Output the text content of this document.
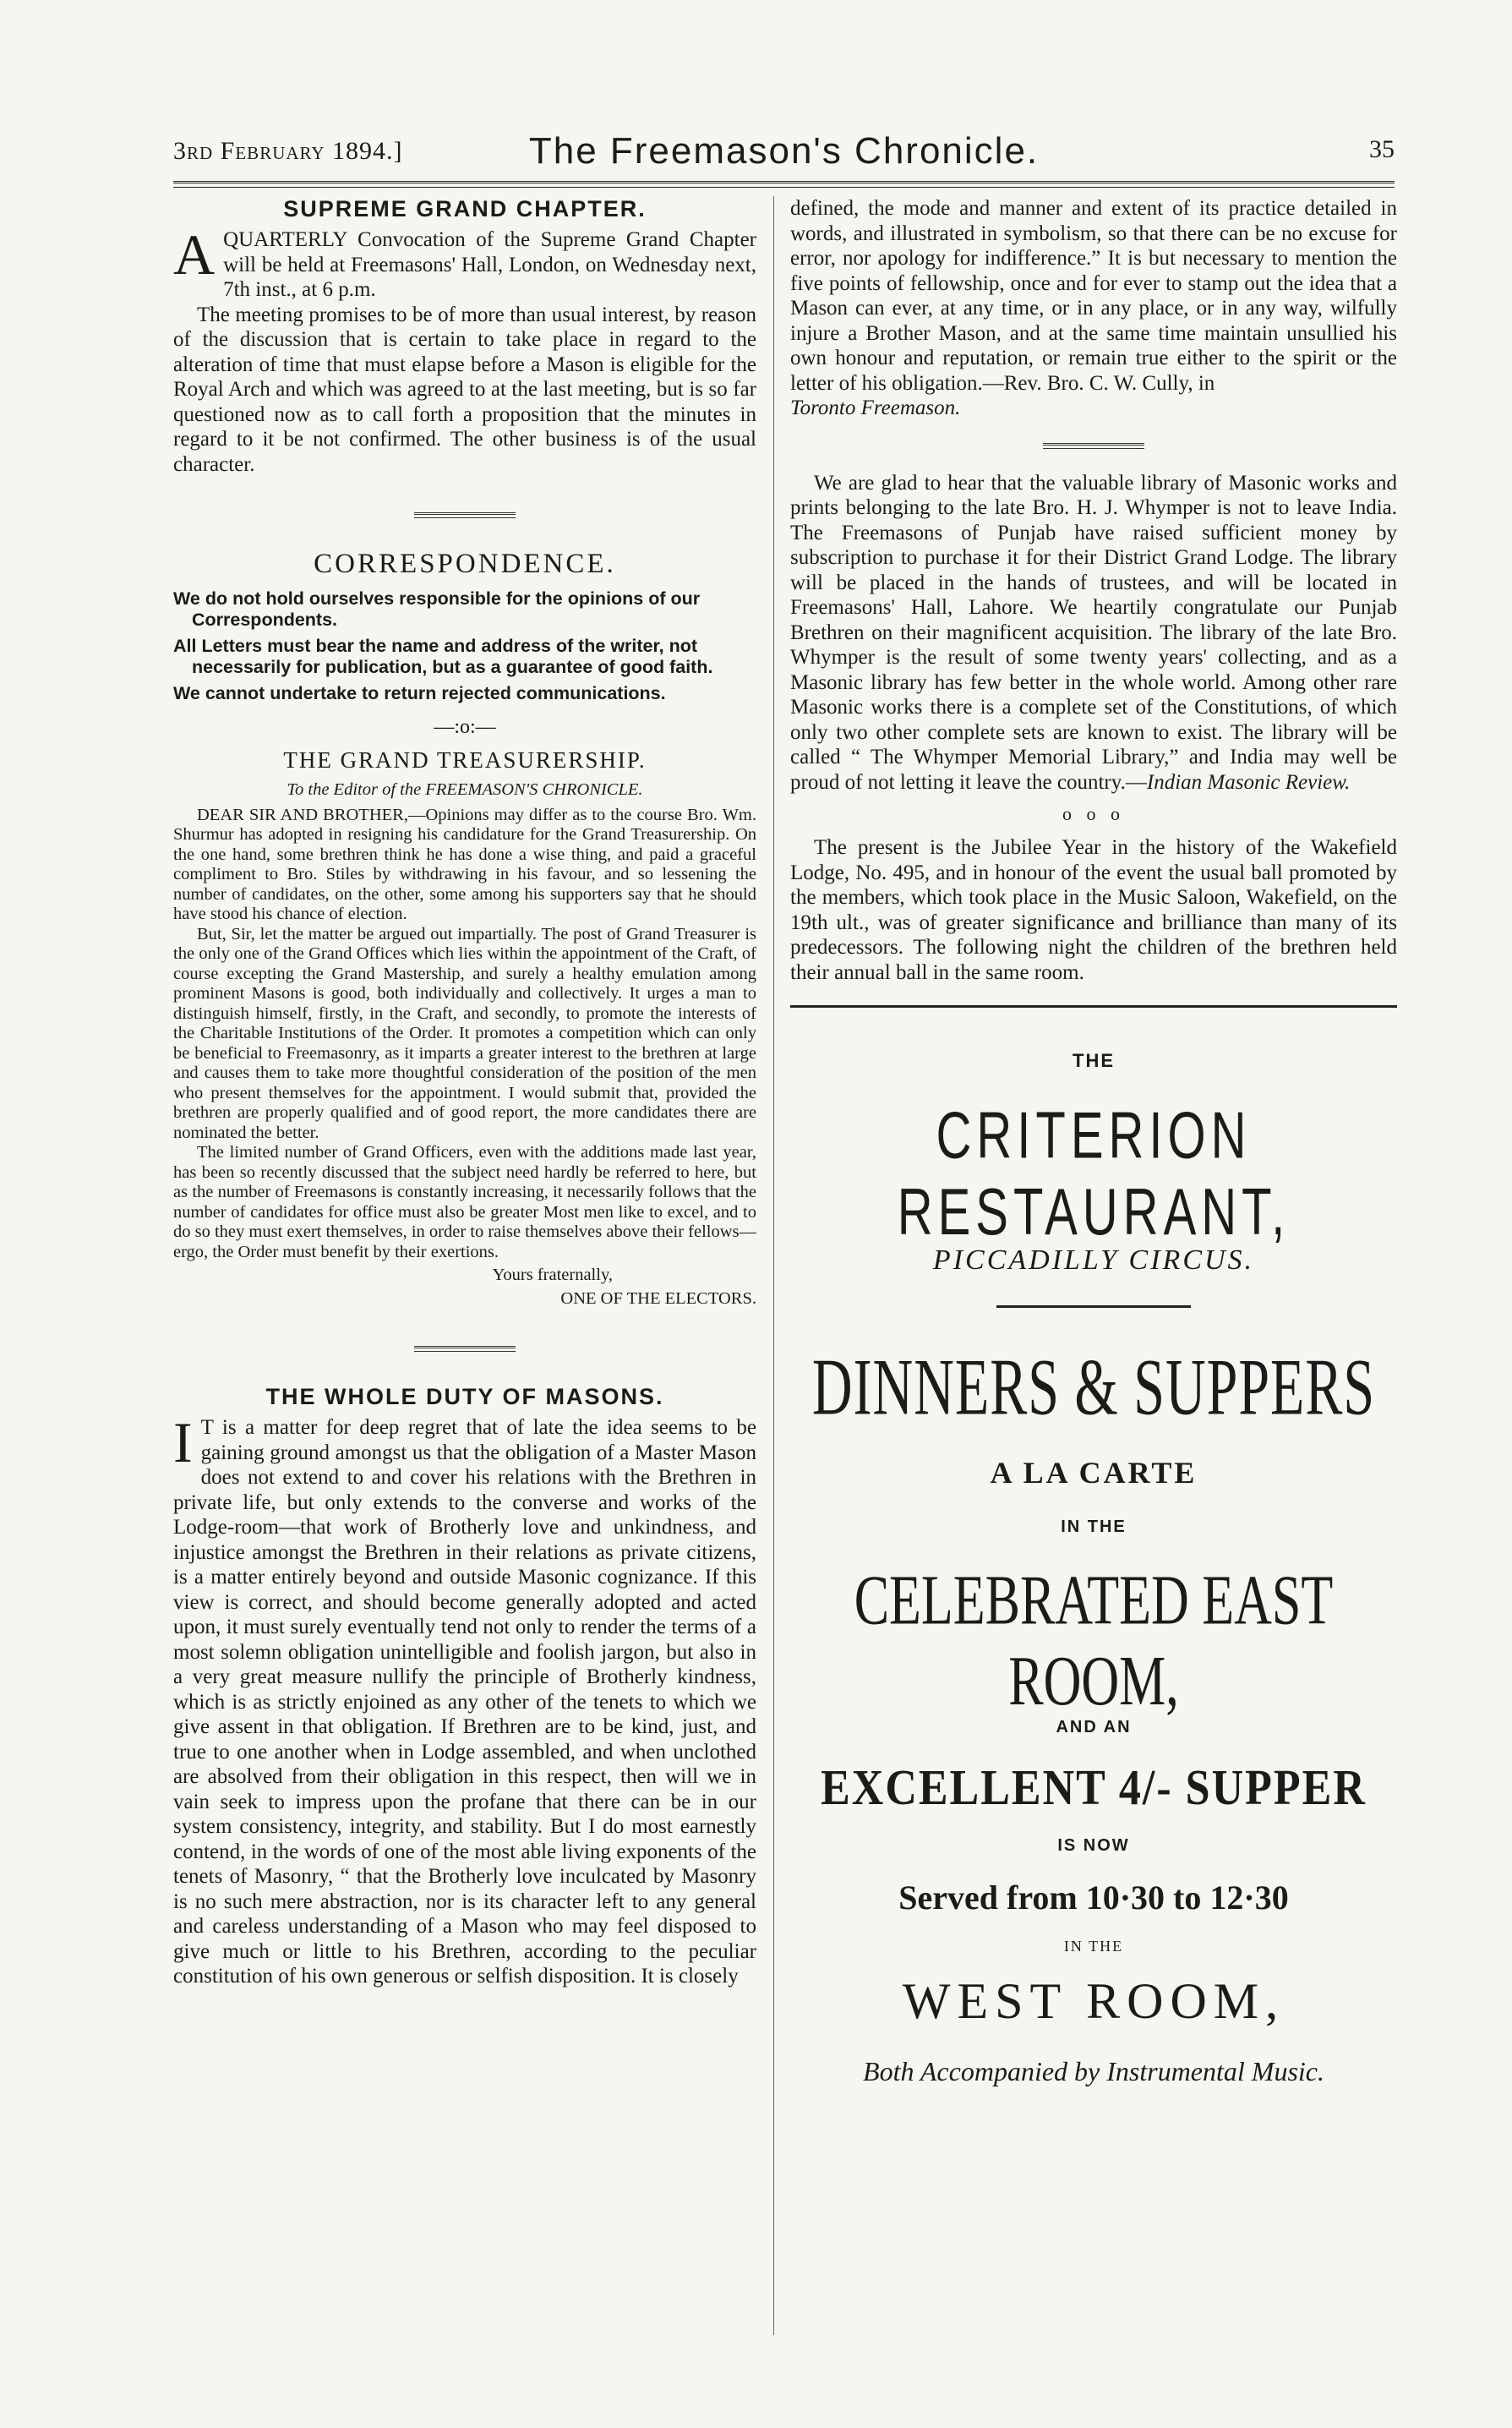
3rd February 1894.]	The Freemason's Chronicle.	35
SUPREME GRAND CHAPTER.
A QUARTERLY Convocation of the Supreme Grand Chapter will be held at Freemasons' Hall, London, on Wednesday next, 7th inst., at 6 p.m.

The meeting promises to be of more than usual interest, by reason of the discussion that is certain to take place in regard to the alteration of time that must elapse before a Mason is eligible for the Royal Arch and which was agreed to at the last meeting, but is so far questioned now as to call forth a proposition that the minutes in regard to it be not confirmed. The other business is of the usual character.

CORRESPONDENCE.

We do not hold ourselves responsible for the opinions of our Correspondents.

All Letters must bear the name and address of the writer, not necessarily for publication, but as a guarantee of good faith.

We cannot undertake to return rejected communications.

—:o:—
THE GRAND TREASURERSHIP.
To the Editor of the FREEMASON'S CHRONICLE.

DEAR SIR AND BROTHER,—Opinions may differ as to the course Bro. Wm. Shurmur has adopted in resigning his candidature for the Grand Treasurership. On the one hand, some brethren think he has done a wise thing, and paid a graceful compliment to Bro. Stiles by withdrawing in his favour, and so lessening the number of candidates, on the other, some among his supporters say that he should have stood his chance of election.

But, Sir, let the matter be argued out impartially. The post of Grand Treasurer is the only one of the Grand Offices which lies within the appointment of the Craft, of course excepting the Grand Mastership, and surely a healthy emulation among prominent Masons is good, both individually and collectively. It urges a man to distinguish himself, firstly, in the Craft, and secondly, to promote the interests of the Charitable Institutions of the Order. It promotes a competition which can only be beneficial to Freemasonry, as it imparts a greater interest to the brethren at large and causes them to take more thoughtful consideration of the position of the men who present themselves for the appointment. I would submit that, provided the brethren are properly qualified and of good report, the more candidates there are nominated the better.

The limited number of Grand Officers, even with the additions made last year, has been so recently discussed that the subject need hardly be referred to here, but as the number of Freemasons is constantly increasing, it necessarily follows that the number of candidates for office must also be greater Most men like to excel, and to do so they must exert themselves, in order to raise themselves above their fellows—ergo, the Order must benefit by their exertions.

Yours fraternally,

ONE OF THE ELECTORS.

THE WHOLE DUTY OF MASONS.
I T is a matter for deep regret that of late the idea seems to be gaining ground amongst us that the obligation of a Master Mason does not extend to and cover his relations with the Brethren in private life, but only extends to the converse and works of the Lodge-room—that work of Brotherly love and unkindness, and injustice amongst the Brethren in their relations as private citizens, is a matter entirely beyond and outside Masonic cognizance. If this view is correct, and should become generally adopted and acted upon, it must surely eventually tend not only to render the terms of a most solemn obligation unintelligible and foolish jargon, but also in a very great measure nullify the principle of Brotherly kindness, which is as strictly enjoined as any other of the tenets to which we give assent in that obligation. If Brethren are to be kind, just, and true to one another when in Lodge assembled, and when unclothed are absolved from their obligation in this respect, then will we in vain seek to impress upon the profane that there can be in our system consistency, integrity, and stability. But I do most earnestly contend, in the words of one of the most able living exponents of the tenets of Masonry, “ that the Brotherly love inculcated by Masonry is no such mere abstraction, nor is its character left to any general and careless understanding of a Mason who may feel disposed to give much or little to his Brethren, according to the peculiar constitution of his own generous or selfish disposition. It is closely

defined, the mode and manner and extent of its practice detailed in words, and illustrated in symbolism, so that there can be no excuse for error, nor apology for indifference.” It is but necessary to mention the five points of fellowship, once and for ever to stamp out the idea that a Mason can ever, at any time, or in any place, or in any way, wilfully injure a Brother Mason, and at the same time maintain unsullied his own honour and reputation, or remain true either to the spirit or the letter of his obligation.—Rev. Bro. C. W. Cully, in

Toronto Freemason.

We are glad to hear that the valuable library of Masonic works and prints belonging to the late Bro. H. J. Whymper is not to leave India. The Freemasons of Punjab have raised sufficient money by subscription to purchase it for their District Grand Lodge. The library will be placed in the hands of trustees, and will be located in Freemasons' Hall, Lahore. We heartily congratulate our Punjab Brethren on their magnificent acquisition. The library of the late Bro. Whymper is the result of some twenty years' collecting, and as a Masonic library has few better in the whole world. Among other rare Masonic works there is a complete set of the Constitutions, of which only two other complete sets are known to exist. The library will be called “ The Whymper Memorial Library,” and India may well be proud of not letting it leave the country.—Indian Masonic Review.

o o o

The present is the Jubilee Year in the history of the Wakefield Lodge, No. 495, and in honour of the event the usual ball promoted by the members, which took place in the Music Saloon, Wakefield, on the 19th ult., was of greater significance and brilliance than many of its predecessors. The following night the children of the brethren held their annual ball in the same room.

THE
CRITERION RESTAURANT,
PICCADILLY CIRCUS.
DINNERS & SUPPERS
A LA CARTE
IN THE
CELEBRATED EAST ROOM,
AND AN
EXCELLENT 4/- SUPPER
IS NOW
Served from 10·30 to 12·30
IN THE
WEST ROOM,
Both Accompanied by Instrumental Music.
